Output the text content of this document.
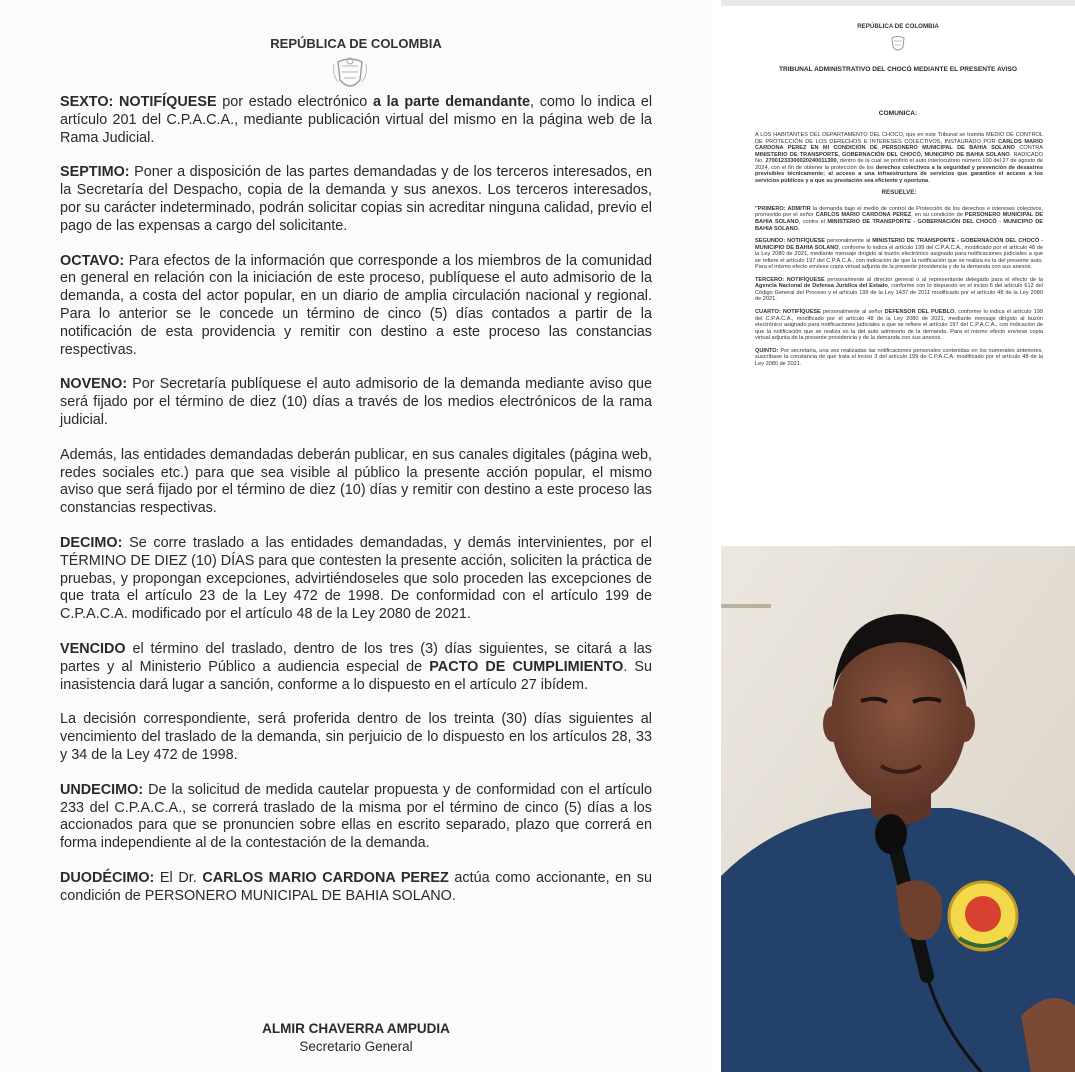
REPÚBLICA DE COLOMBIA

SEXTO: NOTIFÍQUESE por estado electrónico a la parte demandante, como lo indica el artículo 201 del C.P.A.C.A., mediante publicación virtual del mismo en la página web de la Rama Judicial.

SEPTIMO: Poner a disposición de las partes demandadas y de los terceros interesados, en la Secretaría del Despacho, copia de la demanda y sus anexos. Los terceros interesados, por su carácter indeterminado, podrán solicitar copias sin acreditar ninguna calidad, previo el pago de las expensas a cargo del solicitante.

OCTAVO: Para efectos de la información que corresponde a los miembros de la comunidad en general en relación con la iniciación de este proceso, publíquese el auto admisorio de la demanda, a costa del actor popular, en un diario de amplia circulación nacional y regional. Para lo anterior se le concede un término de cinco (5) días contados a partir de la notificación de esta providencia y remitir con destino a este proceso las constancias respectivas.

NOVENO: Por Secretaría publíquese el auto admisorio de la demanda mediante aviso que será fijado por el término de diez (10) días a través de los medios electrónicos de la rama judicial.

Además, las entidades demandadas deberán publicar, en sus canales digitales (página web, redes sociales etc.) para que sea visible al público la presente acción popular, el mismo aviso que será fijado por el término de diez (10) días y remitir con destino a este proceso las constancias respectivas.

DECIMO: Se corre traslado a las entidades demandadas, y demás intervinientes, por el TÉRMINO DE DIEZ (10) DÍAS para que contesten la presente acción, soliciten la práctica de pruebas, y propongan excepciones, advirtiéndoseles que solo proceden las excepciones de que trata el artículo 23 de la Ley 472 de 1998. De conformidad con el artículo 199 de C.P.A.C.A. modificado por el artículo 48 de la Ley 2080 de 2021.

VENCIDO el término del traslado, dentro de los tres (3) días siguientes, se citará a las partes y al Ministerio Público a audiencia especial de PACTO DE CUMPLIMIENTO. Su inasistencia dará lugar a sanción, conforme a lo dispuesto en el artículo 27 ibídem.

La decisión correspondiente, será proferida dentro de los treinta (30) días siguientes al vencimiento del traslado de la demanda, sin perjuicio de lo dispuesto en los artículos 28, 33 y 34 de la Ley 472 de 1998.

UNDECIMO: De la solicitud de medida cautelar propuesta y de conformidad con el artículo 233 del C.P.A.C.A., se correrá traslado de la misma por el término de cinco (5) días a los accionados para que se pronuncien sobre ellas en escrito separado, plazo que correrá en forma independiente al de la contestación de la demanda.

DUODÉCIMO: El Dr. CARLOS MARIO CARDONA PEREZ actúa como accionante, en su condición de PERSONERO MUNICIPAL DE BAHIA SOLANO.

ALMIR CHAVERRA AMPUDIA
Secretario General
REPÚBLICA DE COLOMBIA
TRIBUNAL ADMINISTRATIVO DEL CHOCÓ MEDIANTE EL PRESENTE AVISO
COMUNICA:

A LOS HABITANTES DEL DEPARTAMENTO DEL CHOCO, que en este Tribunal se tramita MEDIO DE CONTROL DE PROTECCIÓN DE LOS DERECHOS E INTERESES COLECTIVOS, INSTAURADO POR CARLOS MARIO CARDONA PEREZ EN MI CONDICION DE PERSONERO MUNICIPAL DE BAHIA SOLANO CONTRA MINISTERIO DE TRANSPORTE, GOBERNACIÓN DEL CHOCÓ, MUNICIPIO DE BAHIA SOLANO. RADICADO No. 27001233300020240011300, dentro de la cual se profirió el auto interlocutorio número 100 del 27 de agosto de 2024, con el fin de obtener la protección de los derechos colectivos a la seguridad y prevención de desastres previsibles técnicamente; al acceso a una infraestructura de servicios que garantice el acceso a los servicios públicos y a que su prestación sea eficiente y oportuna.

RESUELVE:

"PRIMERO: ADMITIR la demanda bajo el medio de control de Protección de los derechos e intereses colectivos, promovido por el señor CARLOS MARIO CARDONA PEREZ, en su condición de PERSONERO MUNICIPAL DE BAHIA SOLANO, contra el MINISTERIO DE TRANSPORTE - GOBERNACIÓN DEL CHOCÓ - MUNICIPIO DE BAHIA SOLANO.

SEGUNDO: NOTIFÍQUESE personalmente al MINISTERIO DE TRANSPORTE - GOBERNACIÓN DEL CHOCÓ - MUNICIPIO DE BAHIA SOLANO, conforme lo indica el artículo 199 del C.P.A.C.A., modificado por el artículo 48 de la Ley 2080 de 2021, mediante mensaje dirigido al buzón electrónico asignado para notificaciones judiciales a que se refiere el artículo 197 del C.P.A.C.A., con indicación de que la notificación que se realiza es la del presente auto. Para el mismo efecto envíese copia virtual adjunta de la presente providencia y de la demanda con sus anexos.

TERCERO: NOTIFÍQUESE personalmente al director general o al representante delegado para el efecto de la Agencia Nacional de Defensa Jurídica del Estado, conforme con lo dispuesto en el inciso 6 del artículo 612 del Código General del Proceso y el artículo 199 de la Ley 1437 de 2011 modificado por el artículo 48 de la Ley 2080 de 2021.

CUARTO: NOTIFÍQUESE personalmente al señor DEFENSOR DEL PUEBLO, conforme lo indica el artículo 199 del C.P.A.C.A., modificado por el artículo 48 de la Ley 2080 de 2021, mediante mensaje dirigido al buzón electrónico asignado para notificaciones judiciales a que se refiere el artículo 197 del C.P.A.C.A., con indicación de que la notificación que se realiza es la del auto admisorio de la demanda. Para el mismo efecto envíese copia virtual adjunta de la presente providencia y de la demanda con sus anexos.

QUINTO: Por secretaría, una vez realizadas las notificaciones personales contenidas en los numerales anteriores, suscríbase la constancia de que trata el inciso 3 del artículo 199 de C.P.A.C.A. modificado por el artículo 48 de la Ley 2080 de 2021.
